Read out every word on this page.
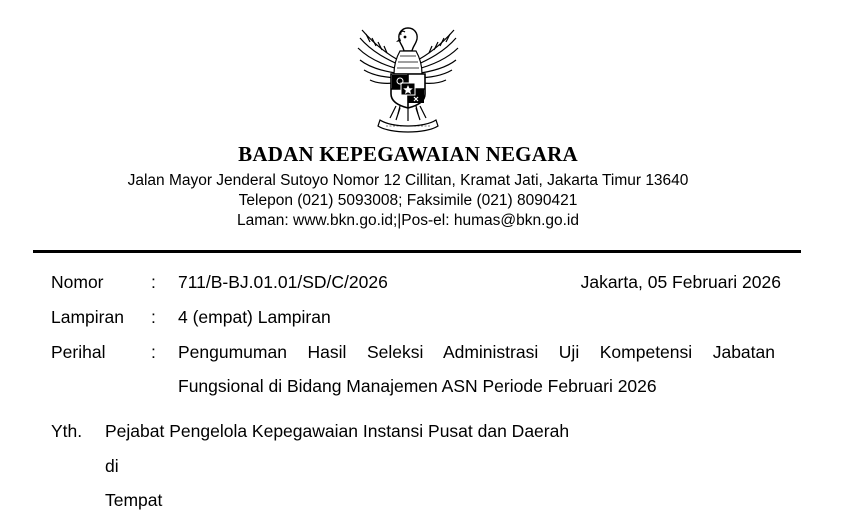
BADAN KEPEGAWAIAN NEGARA
Jalan Mayor Jenderal Sutoyo Nomor 12 Cillitan, Kramat Jati, Jakarta Timur 13640
Telepon (021) 5093008; Faksimile (021) 8090421
Laman: www.bkn.go.id;|Pos-el: humas@bkn.go.id
Nomor	: 711/B-BJ.01.01/SD/C/2026	Jakarta, 05 Februari 2026
Lampiran : 4 (empat) Lampiran
Perihal	: Pengumuman Hasil Seleksi Administrasi Uji Kompetensi Jabatan
Fungsional di Bidang Manajemen ASN Periode Februari 2026
Yth. Pejabat Pengelola Kepegawaian Instansi Pusat dan Daerah
di
Tempat
